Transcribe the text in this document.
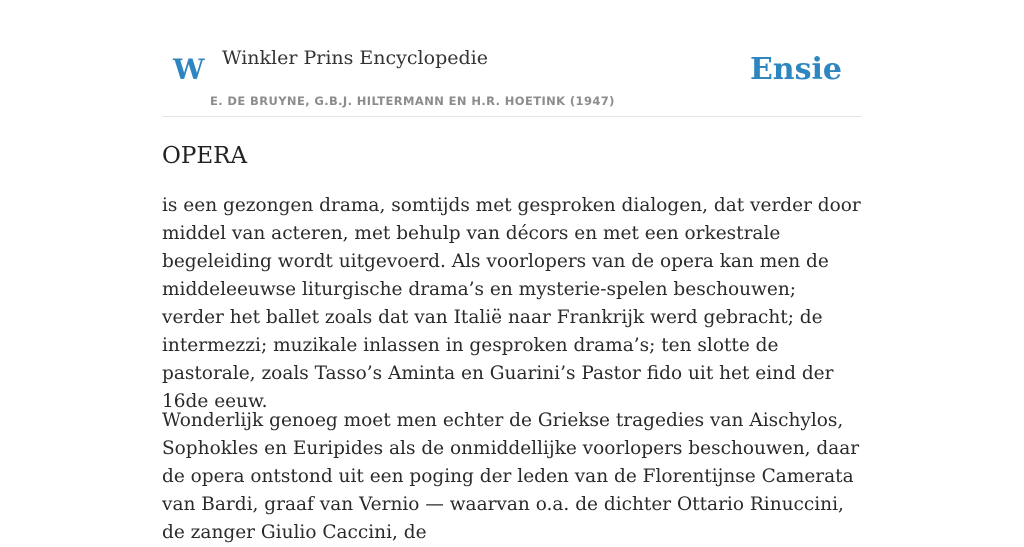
W Winkler Prins Encyclopedie
E. DE BRUYNE, G.B.J. HILTERMANN EN H.R. HOETINK (1947)
Ensie
OPERA

is een gezongen drama, somtijds met gesproken dialogen, dat verder door middel van acteren, met behulp van décors en met een orkestrale begeleiding wordt uitgevoerd. Als voorlopers van de opera kan men de middeleeuwse liturgische drama’s en mysterie-spelen beschouwen; verder het ballet zoals dat van Italië naar Frankrijk werd gebracht; de intermezzi; muzikale inlassen in gesproken drama’s; ten slotte de pastorale, zoals Tasso’s Aminta en Guarini’s Pastor fido uit het eind der 16de eeuw.

Wonderlijk genoeg moet men echter de Griekse tragedies van Aischylos, Sophokles en Euripides als de onmiddellijke voorlopers beschouwen, daar de opera ontstond uit een poging der leden van de Florentijnse Camerata van Bardi, graaf van Vernio — waarvan o.a. de dichter Ottario Rinuccini, de zanger Giulio Caccini, de
